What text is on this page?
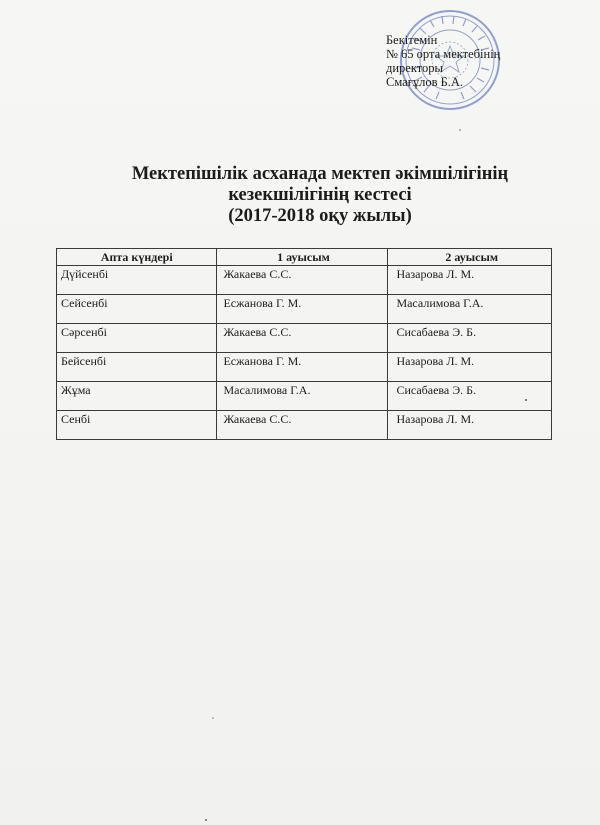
Бекітемін
№ 65 орта мектебінің
директоры
Смағұлов Б.А.
Мектепішілік асханада мектеп әкімшілігінің
кезекшілігінің кестесі
(2017-2018 оқу жылы)
Апта күндері	1 ауысым	2 ауысым
Дүйсенбі	Жакаева С.С.	Назарова Л. М.
Сейсенбі	Есжанова Г. М.	Масалимова Г.А.
Сәрсенбі	Жакаева С.С.	Сисабаева Э. Б.
Бейсенбі	Есжанова Г. М.	Назарова Л. М.
Жұма	Масалимова Г.А.	Сисабаева Э. Б.
Сенбі	Жакаева С.С.	Назарова Л. М.
